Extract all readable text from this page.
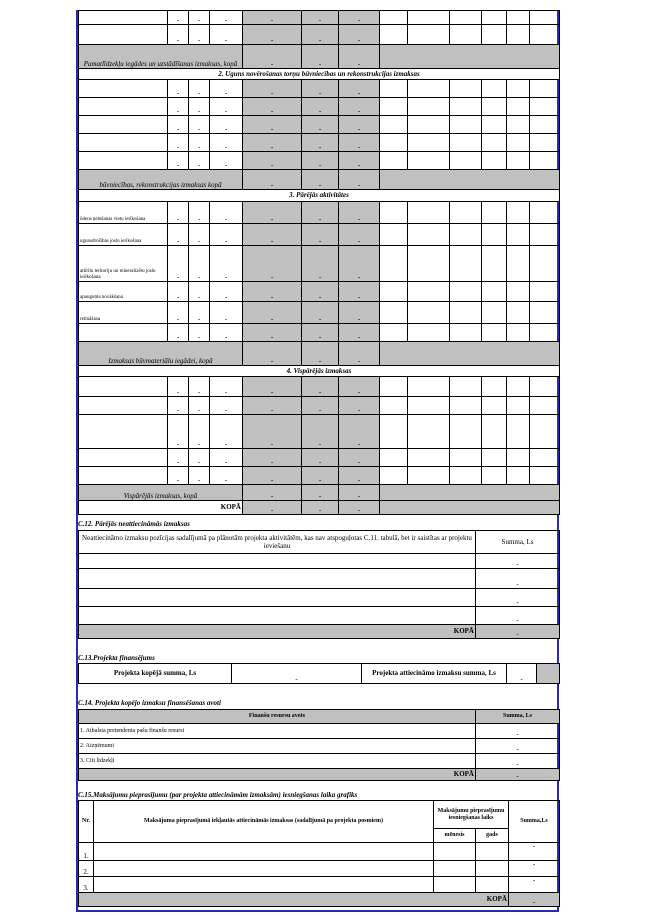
	-	-	-	-	-	-						
	-	-	-	-	-	-						
Pamatlīdzekļu iegādes un uzstādīšanas izmaksas, kopā				-	-	-						
2. Uguns novērošanas torņu būvniecības un rekonstrukcijas izmaksas												
	-	-	-	-	-	-						
	-	-	-	-	-	-						
	-	-	-	-	-	-						
	-	-	-	-	-	-						
	-	-	-	-	-	-						
būvniecības, rekonstrukcijas izmaksas kopā				-	-	-						
3. Pārējās aktivitātes												
ūdens ņemšanas vietu ierīkošana	-	-	-	-	-	-						
ugunsdrošības joslu ierīkošana	-	-	-	-	-	-						
attīrītu teritoriju un mineralizētu joslu ierīkošana	-	-	-	-	-	-						
apauguma novākšana	-	-	-	-	-	-						
retināšana	-	-	-	-	-	-						
	-	-	-	-	-	-						
Izmaksas būvmateriālu iegādei, kopā				-	-	-						
4. Vispārējās izmaksas												
	-	-	-	-	-	-						
	-	-	-	-	-	-						
	-	-	-	-	-	-						
	-	-	-	-	-	-						
	-	-	-	-	-	-						
Vispārējās izmaksas, kopā				-	-	-						
KOPĀ				-	-	-						
C.12. Pārējās neattiecināmās izmaksas
Neattiecināmo izmaksu pozīcijas sadalījumā pa plānotām projekta aktivitātēm, kas nav atspoguļotas C.11. tabulā, bet ir saistītas ar projektu ieviešanu	Summa, Ls
	-
	-
	-
	-
KOPĀ	-
C.13.Projekta finansējums
Projekta kopējā summa, Ls	-	Projekta attiecināmo izmaksu summa, Ls	-	
C.14. Projekta kopējo izmaksu finansēšanas avoti
Finanšu resursu avots	Summa, Ls
1. Atbalsta pretendenta pašu finanšu resursi	-
2. Aizņēmumi	-
3. Citi līdzekļi	-
KOPĀ	-
C.15.Maksājumu pieprasījumu (par projekta attiecināmām izmaksām) iesniegšanas laika grafiks
Nr.	Maksājuma pieprasījumā iekļautās attiecināmās izmaksas (sadalījumā pa projekta posmiem)	Maksājumu pieprasījumu iesniegšanas laiks		Summa,Ls
		mēnesis	gads	
1.				-
2.				-
3.				-
KOPĀ				-
